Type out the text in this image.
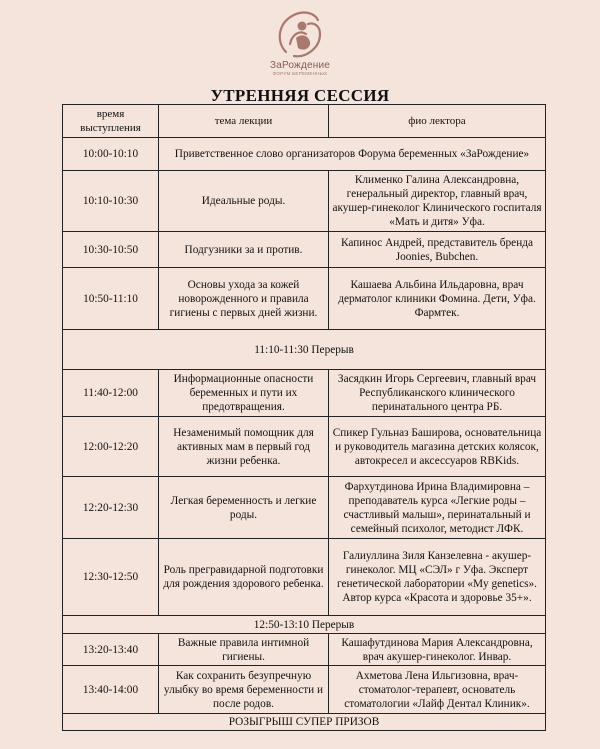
ЗаРождение
ФОРУМ БЕРЕМЕННЫХ
УТРЕННЯЯ СЕССИЯ
время выступления	тема лекции	фио лектора
10:00-10:10	Приветственное слово организаторов Форума беременных «ЗаРождение»	
10:10-10:30	Идеальные роды.	Клименко Галина Александровна, генеральный директор, главный врач, акушер-гинеколог Клинического госпиталя «Мать и дитя» Уфа.
10:30-10:50	Подгузники за и против.	Капинос Андрей, представитель бренда Joonies, Bubchen.
10:50-11:10	Основы ухода за кожей новорожденного и правила гигиены с первых дней жизни.	Кашаева Альбина Ильдаровна, врач дерматолог клиники Фомина. Дети, Уфа. Фармтек.
11:10-11:30 Перерыв		
11:40-12:00	Информационные опасности беременных и пути их предотвращения.	Засядкин Игорь Сергеевич, главный врач Республиканского клинического перинатального центра РБ.
12:00-12:20	Незаменимый помощник для активных мам в первый год жизни ребенка.	Спикер Гульназ Баширова, основательница и руководитель магазина детских колясок, автокресел и аксессуаров RBKids.
12:20-12:30	Легкая беременность и легкие роды.	Фархутдинова Ирина Владимировна – преподаватель курса «Легкие роды – счастливый малыш», перинатальный и семейный психолог, методист ЛФК.
12:30-12:50	Роль прегравидарной подготовки для рождения здорового ребенка.	Галиуллина Зиля Канзелевна - акушер-гинеколог. МЦ «СЭЛ» г Уфа. Эксперт генетической лаборатории «My genetics». Автор курса «Красота и здоровье 35+».
12:50-13:10 Перерыв		
13:20-13:40	Важные правила интимной гигиены.	Кашафутдинова Мария Александровна, врач акушер-гинеколог. Инвар.
13:40-14:00	Как сохранить безупречную улыбку во время беременности и после родов.	Ахметова Лена Ильгизовна, врач-стоматолог-терапевт, основатель стоматологии «Лайф Дентал Клиник».
РОЗЫГРЫШ СУПЕР ПРИЗОВ		
